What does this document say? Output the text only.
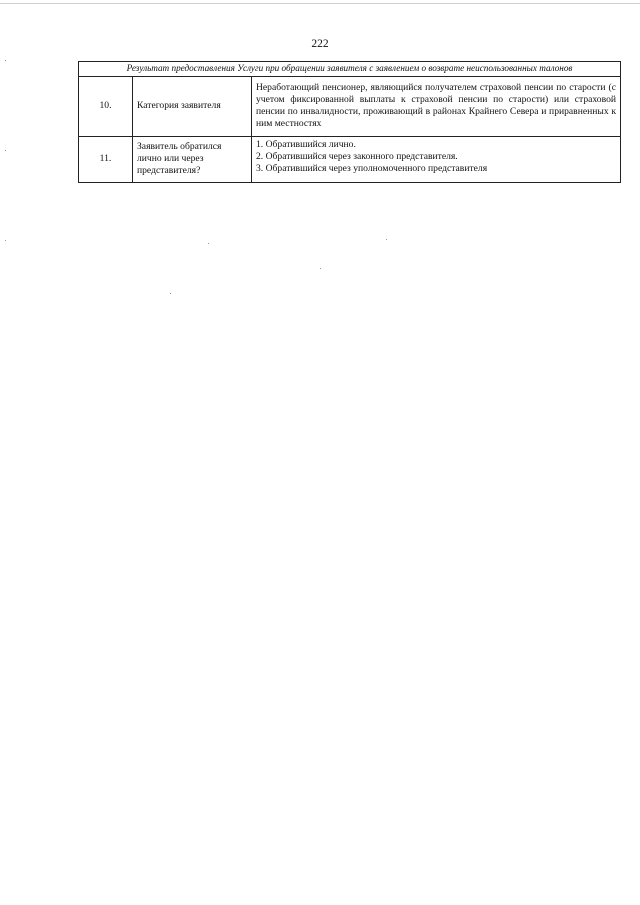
222
Результат предоставления Услуги при обращении заявителя с заявлением о возврате неиспользованных талонов		
10.	Категория заявителя	Неработающий пенсионер, являющийся получателем страховой пенсии по старости (с учетом фиксированной выплаты к страховой пенсии по старости) или страховой пенсии по инвалидности, проживающий в районах Крайнего Севера и приравненных к ним местностях
11.	Заявитель обратился лично или через представителя?	1. Обратившийся лично.
2. Обратившийся через законного представителя.
3. Обратившийся через уполномоченного представителя
